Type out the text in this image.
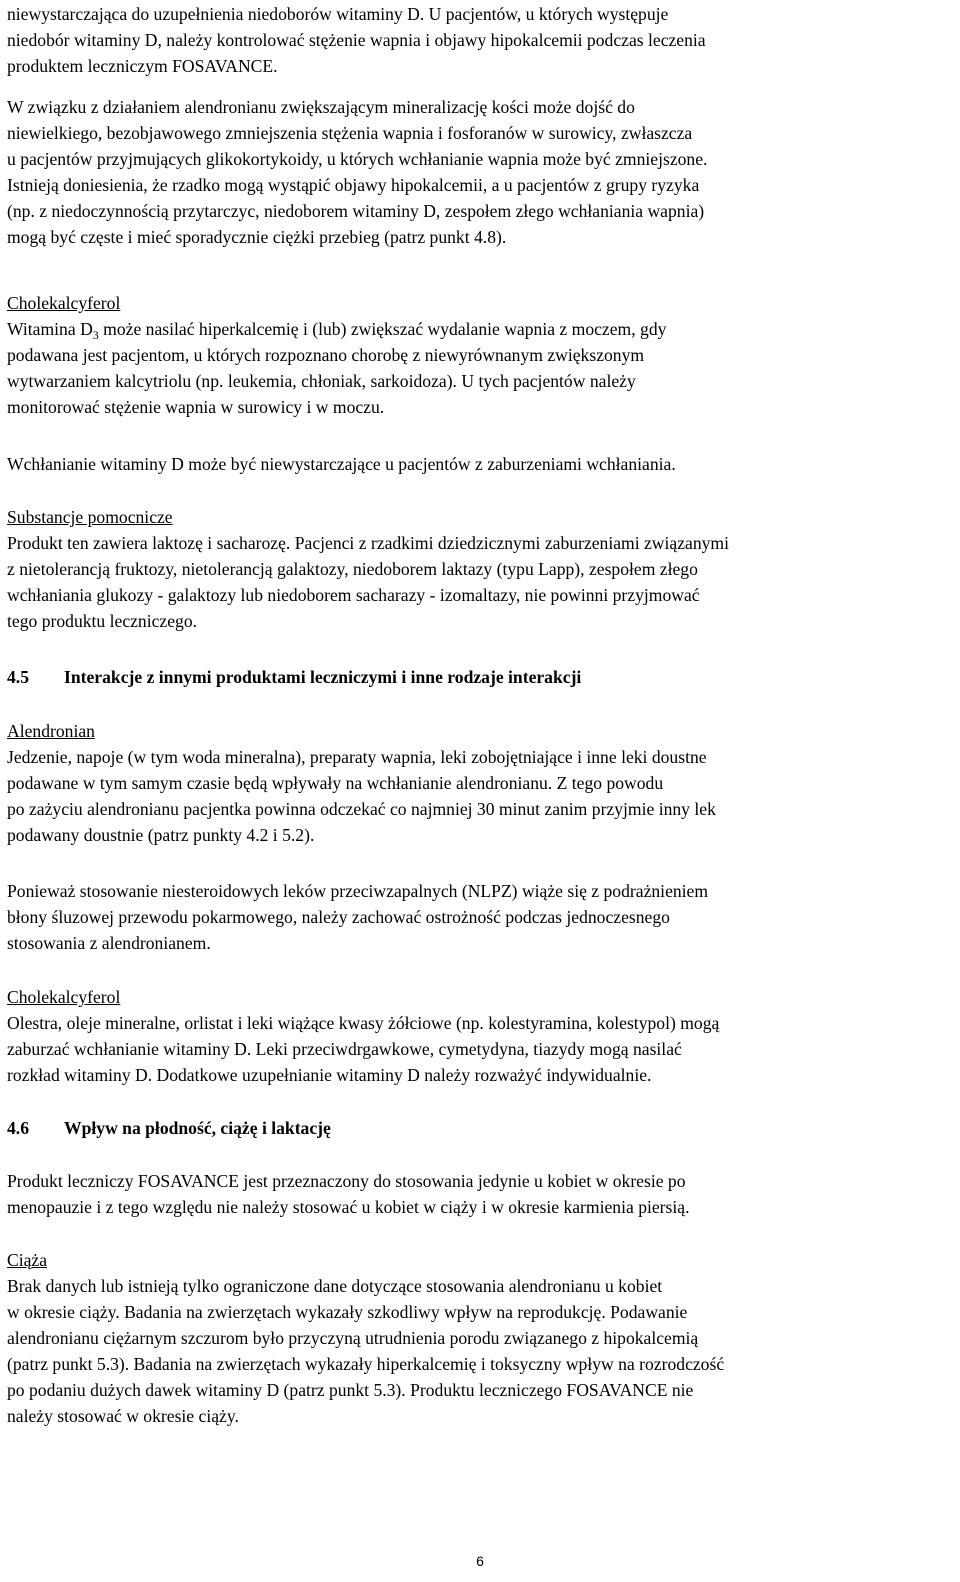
niewystarczająca do uzupełnienia niedoborów witaminy D. U pacjentów, u których występuje
niedobór witaminy D, należy kontrolować stężenie wapnia i objawy hipokalcemii podczas leczenia
produktem leczniczym FOSAVANCE.

W związku z działaniem alendronianu zwiększającym mineralizację kości może dojść do
niewielkiego, bezobjawowego zmniejszenia stężenia wapnia i fosforanów w surowicy, zwłaszcza
u pacjentów przyjmujących glikokortykoidy, u których wchłanianie wapnia może być zmniejszone.
Istnieją doniesienia, że rzadko mogą wystąpić objawy hipokalcemii, a u pacjentów z grupy ryzyka
(np. z niedoczynnością przytarczyc, niedoborem witaminy D, zespołem złego wchłaniania wapnia)
mogą być częste i mieć sporadycznie ciężki przebieg (patrz punkt 4.8).

Cholekalcyferol
Witamina $D_3$ może nasilać hiperkalcemię i (lub) zwiększać wydalanie wapnia z moczem, gdy
podawana jest pacjentom, u których rozpoznano chorobę z niewyrównanym zwiększonym
wytwarzaniem kalcytriolu (np. leukemia, chłoniak, sarkoidoza). U tych pacjentów należy
monitorować stężenie wapnia w surowicy i w moczu.

Wchłanianie witaminy D może być niewystarczające u pacjentów z zaburzeniami wchłaniania.

Substancje pomocnicze
Produkt ten zawiera laktozę i sacharozę. Pacjenci z rzadkimi dziedzicznymi zaburzeniami związanymi
z nietolerancją fruktozy, nietolerancją galaktozy, niedoborem laktazy (typu Lapp), zespołem złego
wchłaniania glukozy - galaktozy lub niedoborem sacharazy - izomaltazy, nie powinni przyjmować
tego produktu leczniczego.

4.5	Interakcje z innymi produktami leczniczymi i inne rodzaje interakcji

Alendronian
Jedzenie, napoje (w tym woda mineralna), preparaty wapnia, leki zobojętniające i inne leki doustne
podawane w tym samym czasie będą wpływały na wchłanianie alendronianu. Z tego powodu
po zażyciu alendronianu pacjentka powinna odczekać co najmniej 30 minut zanim przyjmie inny lek
podawany doustnie (patrz punkty 4.2 i 5.2).

Ponieważ stosowanie niesteroidowych leków przeciwzapalnych (NLPZ) wiąże się z podrażnieniem
błony śluzowej przewodu pokarmowego, należy zachować ostrożność podczas jednoczesnego
stosowania z alendronianem.

Cholekalcyferol
Olestra, oleje mineralne, orlistat i leki wiążące kwasy żółciowe (np. kolestyramina, kolestypol) mogą
zaburzać wchłanianie witaminy D. Leki przeciwdrgawkowe, cymetydyna, tiazydy mogą nasilać
rozkład witaminy D. Dodatkowe uzupełnianie witaminy D należy rozważyć indywidualnie.

4.6	Wpływ na płodność, ciążę i laktację

Produkt leczniczy FOSAVANCE jest przeznaczony do stosowania jedynie u kobiet w okresie po
menopauzie i z tego względu nie należy stosować u kobiet w ciąży i w okresie karmienia piersią.

Ciąża
Brak danych lub istnieją tylko ograniczone dane dotyczące stosowania alendronianu u kobiet
w okresie ciąży. Badania na zwierzętach wykazały szkodliwy wpływ na reprodukcję. Podawanie
alendronianu ciężarnym szczurom było przyczyną utrudnienia porodu związanego z hipokalcemią
(patrz punkt 5.3). Badania na zwierzętach wykazały hiperkalcemię i toksyczny wpływ na rozrodczość
po podaniu dużych dawek witaminy D (patrz punkt 5.3). Produktu leczniczego FOSAVANCE nie
należy stosować w okresie ciąży.

6
